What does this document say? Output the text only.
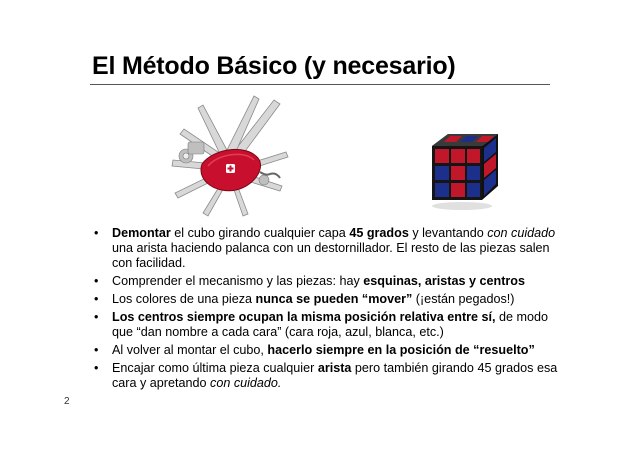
El Método Básico (y necesario)
• Demontar el cubo girando cualquier capa 45 grados y levantando con cuidado una arista haciendo palanca con un destornillador. El resto de las piezas salen con facilidad.
• Comprender el mecanismo y las piezas: hay esquinas, aristas y centros
• Los colores de una pieza nunca se pueden “mover” (¡están pegados!)
• Los centros siempre ocupan la misma posición relativa entre sí, de modo que “dan nombre a cada cara” (cara roja, azul, blanca, etc.)
• Al volver al montar el cubo, hacerlo siempre en la posición de “resuelto”
• Encajar como última pieza cualquier arista pero también girando 45 grados esa cara y apretando con cuidado.
2
